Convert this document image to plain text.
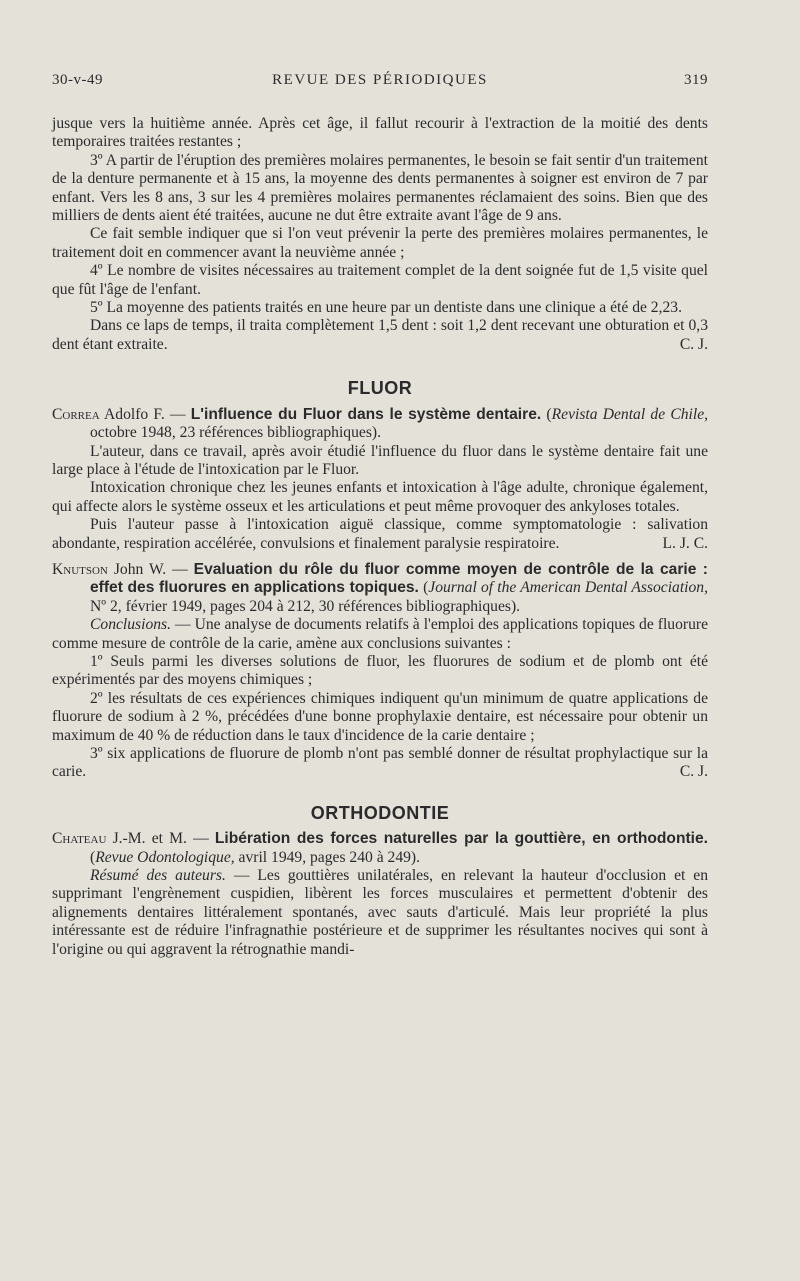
30-v-49	REVUE DES PÉRIODIQUES	319

jusque vers la huitième année. Après cet âge, il fallut recourir à l'extraction de la moitié des dents temporaires traitées restantes ;

3º A partir de l'éruption des premières molaires permanentes, le besoin se fait sentir d'un traitement de la denture permanente et à 15 ans, la moyenne des dents permanentes à soigner est environ de 7 par enfant. Vers les 8 ans, 3 sur les 4 premières molaires permanentes réclamaient des soins. Bien que des milliers de dents aient été traitées, aucune ne dut être extraite avant l'âge de 9 ans.

Ce fait semble indiquer que si l'on veut prévenir la perte des premières molaires permanentes, le traitement doit en commencer avant la neuvième année ;

4º Le nombre de visites nécessaires au traitement complet de la dent soignée fut de 1,5 visite quel que fût l'âge de l'enfant.

5º La moyenne des patients traités en une heure par un dentiste dans une clinique a été de 2,23.

Dans ce laps de temps, il traita complètement 1,5 dent : soit 1,2 dent recevant une obturation et 0,3 dent étant extraite.	C. J.

FLUOR

Correa Adolfo F. — L'influence du Fluor dans le système dentaire. (Revista Dental de Chile, octobre 1948, 23 références bibliographiques).

L'auteur, dans ce travail, après avoir étudié l'influence du fluor dans le système dentaire fait une large place à l'étude de l'intoxication par le Fluor.

Intoxication chronique chez les jeunes enfants et intoxication à l'âge adulte, chronique également, qui affecte alors le système osseux et les articulations et peut même provoquer des ankyloses totales.

Puis l'auteur passe à l'intoxication aiguë classique, comme symptomatologie : salivation abondante, respiration accélérée, convulsions et finalement paralysie respiratoire.	L. J. C.

Knutson John W. — Evaluation du rôle du fluor comme moyen de contrôle de la carie : effet des fluorures en applications topiques. (Journal of the American Dental Association, Nº 2, février 1949, pages 204 à 212, 30 références bibliographiques).

Conclusions. — Une analyse de documents relatifs à l'emploi des applications topiques de fluorure comme mesure de contrôle de la carie, amène aux conclusions suivantes :

1º Seuls parmi les diverses solutions de fluor, les fluorures de sodium et de plomb ont été expérimentés par des moyens chimiques ;

2º les résultats de ces expériences chimiques indiquent qu'un minimum de quatre applications de fluorure de sodium à 2 %, précédées d'une bonne prophylaxie dentaire, est nécessaire pour obtenir un maximum de 40 % de réduction dans le taux d'incidence de la carie dentaire ;

3º six applications de fluorure de plomb n'ont pas semblé donner de résultat prophylactique sur la carie.	C. J.

ORTHODONTIE

Chateau J.-M. et M. — Libération des forces naturelles par la gouttière, en orthodontie. (Revue Odontologique, avril 1949, pages 240 à 249).

Résumé des auteurs. — Les gouttières unilatérales, en relevant la hauteur d'occlusion et en supprimant l'engrènement cuspidien, libèrent les forces musculaires et permettent d'obtenir des alignements dentaires littéralement spontanés, avec sauts d'articulé. Mais leur propriété la plus intéressante est de réduire l'infragnathie postérieure et de supprimer les résultantes nocives qui sont à l'origine ou qui aggravent la rétrognathie mandi-
